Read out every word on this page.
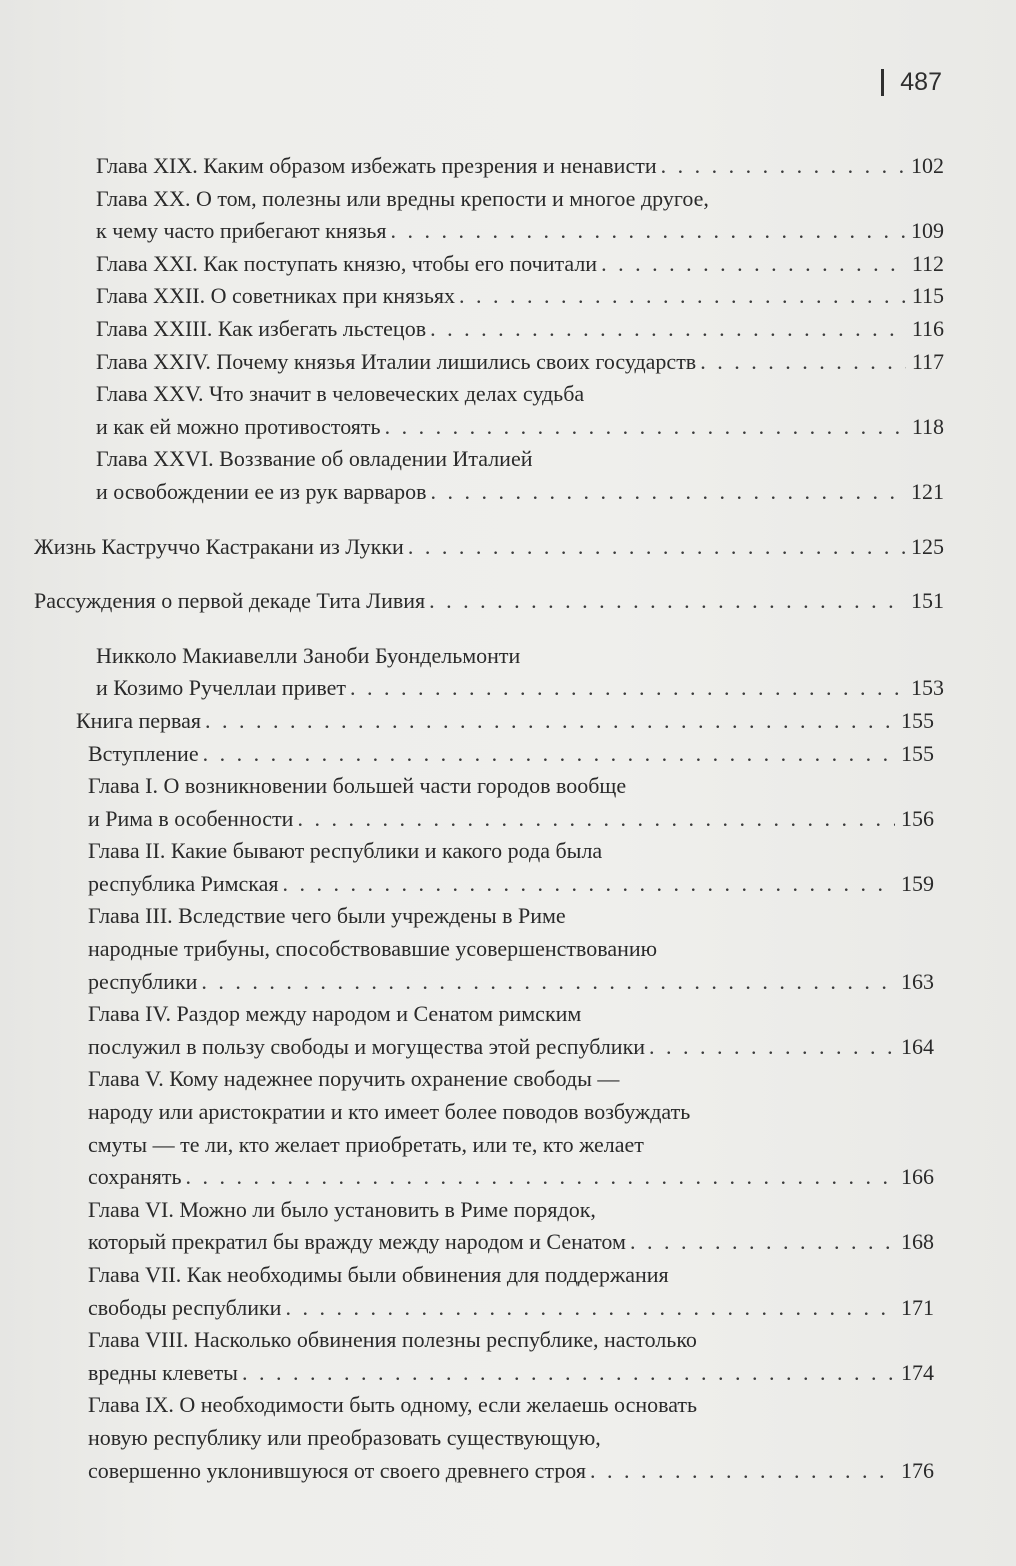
487
Глава XIX. Каким образом избежать презрения и ненависти . . .	102
Глава XX. О том, полезны или вредны крепости и многое другое,
к чему часто прибегают князья . . .	109
Глава XXI. Как поступать князю, чтобы его почитали . . .	112
Глава XXII. О советниках при князьях . . .	115
Глава XXIII. Как избегать льстецов . . .	116
Глава XXIV. Почему князья Италии лишились своих государств . . .	117
Глава XXV. Что значит в человеческих делах судьба
и как ей можно противостоять . . .	118
Глава XXVI. Воззвание об овладении Италией
и освобождении ее из рук варваров . . .	121
Жизнь Каструччо Кастракани из Лукки . . .	125
Рассуждения о первой декаде Тита Ливия . . .	151
Никколо Макиавелли Заноби Буондельмонти
и Козимо Ручеллаи привет . . .	153
Книга первая . . .	155
Вступление . . .	155
Глава I. О возникновении большей части городов вообще
и Рима в особенности . . .	156
Глава II. Какие бывают республики и какого рода была
республика Римская . . .	159
Глава III. Вследствие чего были учреждены в Риме
народные трибуны, способствовавшие усовершенствованию
республики . . .	163
Глава IV. Раздор между народом и Сенатом римским
послужил в пользу свободы и могущества этой республики . . .	164
Глава V. Кому надежнее поручить охранение свободы —
народу или аристократии и кто имеет более поводов возбуждать
смуты — те ли, кто желает приобретать, или те, кто желает
сохранять . . .	166
Глава VI. Можно ли было установить в Риме порядок,
который прекратил бы вражду между народом и Сенатом . . .	168
Глава VII. Как необходимы были обвинения для поддержания
свободы республики . . .	171
Глава VIII. Насколько обвинения полезны республике, настолько
вредны клеветы . . .	174
Глава IX. О необходимости быть одному, если желаешь основать
новую республику или преобразовать существующую,
совершенно уклонившуюся от своего древнего строя . . .	176
